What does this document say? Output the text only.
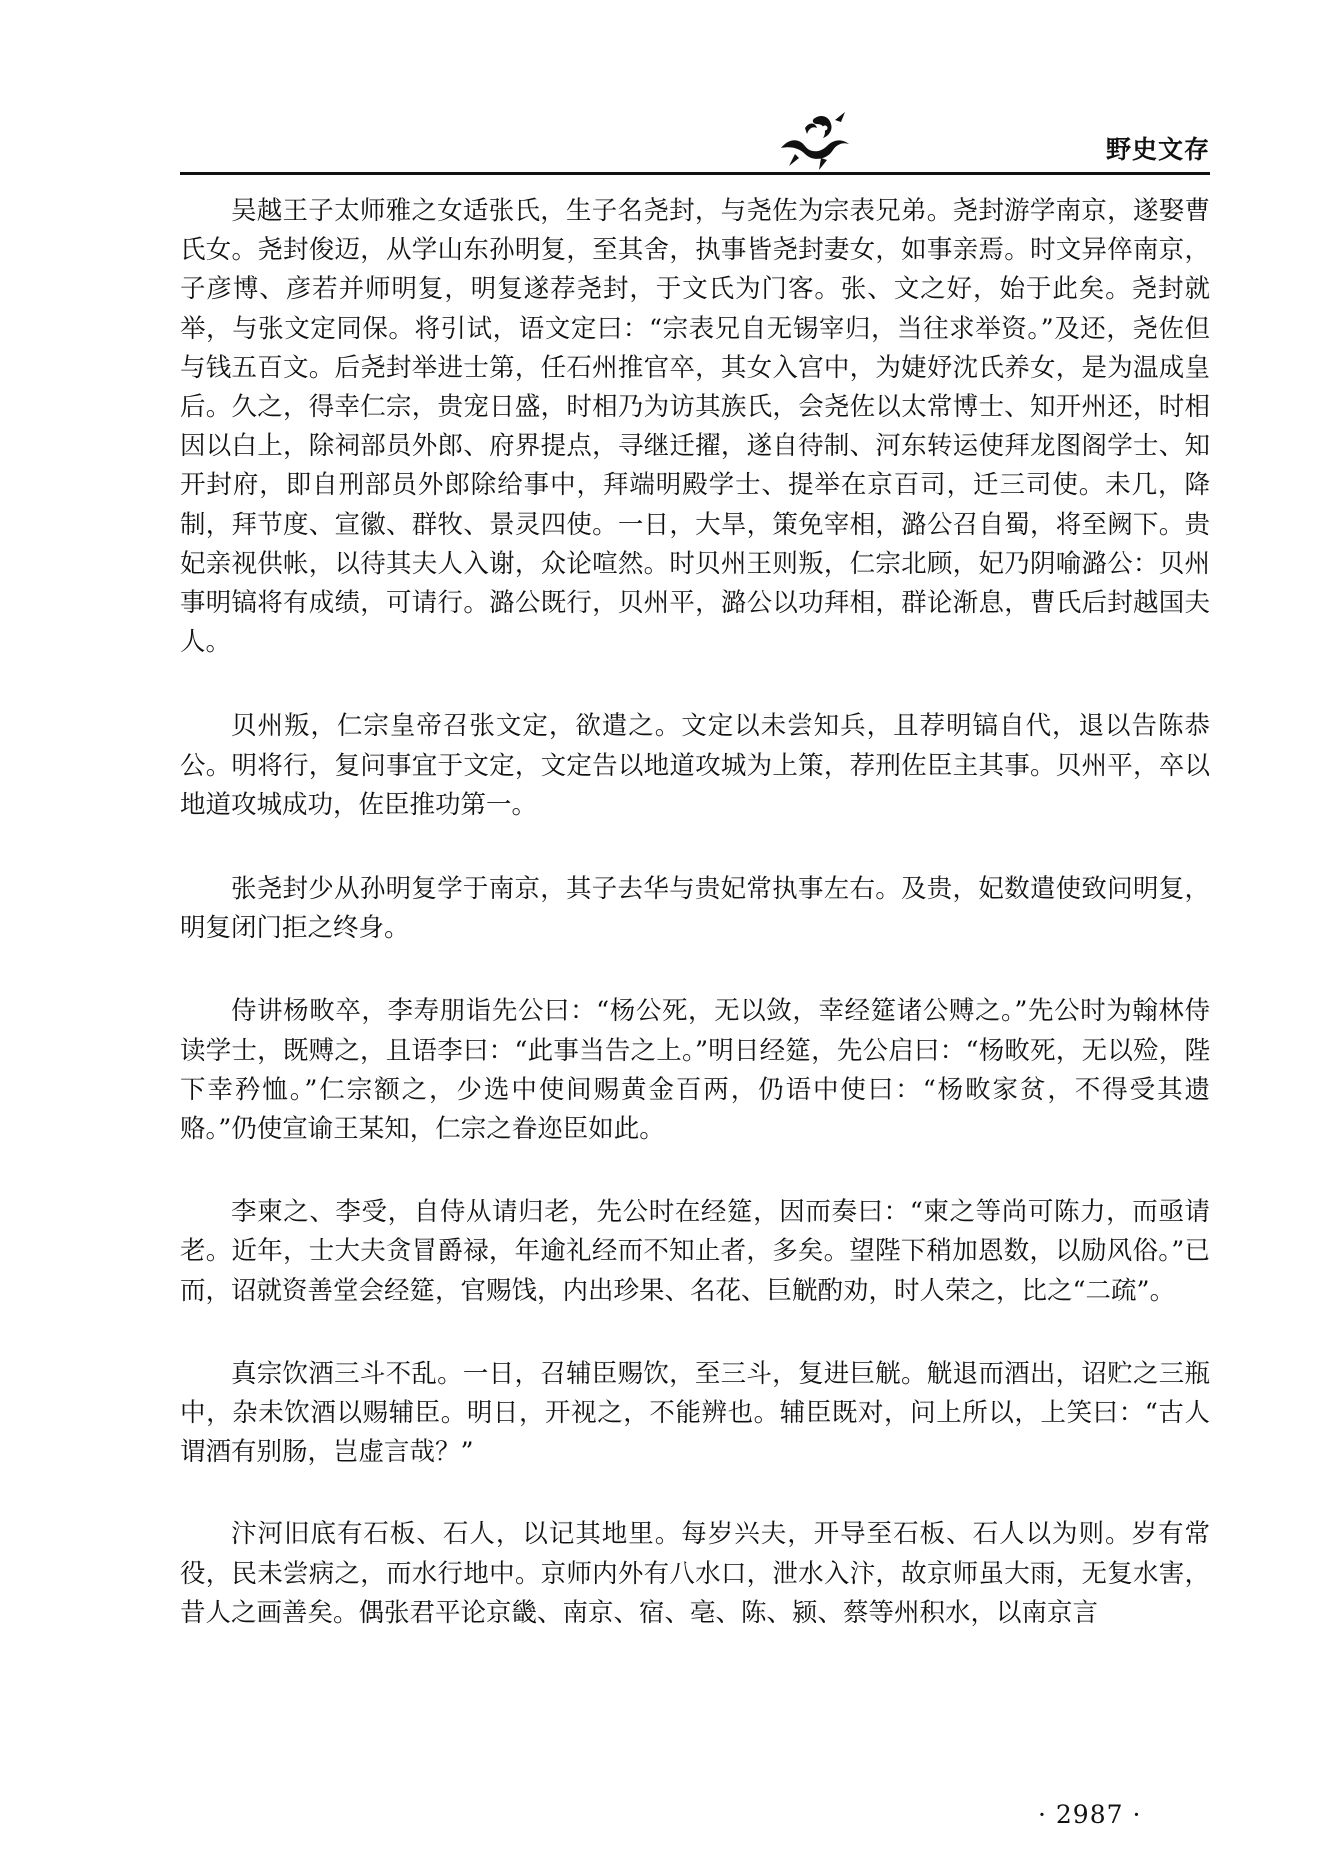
野史文存

吴越王子太师雅之女适张氏，生子名尧封，与尧佐为宗表兄弟。尧封游学南京，遂娶曹氏女。尧封俊迈，从学山东孙明复，至其舍，执事皆尧封妻女，如事亲焉。时文异倅南京，子彦博、彦若并师明复，明复遂荐尧封，于文氏为门客。张、文之好，始于此矣。尧封就举，与张文定同保。将引试，语文定曰：“宗表兄自无锡宰归，当往求举资。”及还，尧佐但与钱五百文。后尧封举进士第，任石州推官卒，其女入宫中，为婕妤沈氏养女，是为温成皇后。久之，得幸仁宗，贵宠日盛，时相乃为访其族氏，会尧佐以太常博士、知开州还，时相因以白上，除祠部员外郎、府界提点，寻继迁擢，遂自待制、河东转运使拜龙图阁学士、知开封府，即自刑部员外郎除给事中，拜端明殿学士、提举在京百司，迁三司使。未几，降制，拜节度、宣徽、群牧、景灵四使。一日，大旱，策免宰相，潞公召自蜀，将至阙下。贵妃亲视供帐，以待其夫人入谢，众论喧然。时贝州王则叛，仁宗北顾，妃乃阴喻潞公：贝州事明镐将有成绩，可请行。潞公既行，贝州平，潞公以功拜相，群论渐息，曹氏后封越国夫人。

贝州叛，仁宗皇帝召张文定，欲遣之。文定以未尝知兵，且荐明镐自代，退以告陈恭公。明将行，复问事宜于文定，文定告以地道攻城为上策，荐刑佐臣主其事。贝州平，卒以地道攻城成功，佐臣推功第一。

张尧封少从孙明复学于南京，其子去华与贵妃常执事左右。及贵，妃数遣使致问明复，明复闭门拒之终身。

侍讲杨畋卒，李寿朋诣先公曰：“杨公死，无以敛，幸经筵诸公赙之。”先公时为翰林侍读学士，既赙之，且语李曰：“此事当告之上。”明日经筵，先公启曰：“杨畋死，无以殓，陛下幸矜恤。”仁宗额之，少选中使间赐黄金百两，仍语中使曰：“杨畋家贫，不得受其遗赂。”仍使宣谕王某知，仁宗之眷迩臣如此。

李柬之、李受，自侍从请归老，先公时在经筵，因而奏曰：“柬之等尚可陈力，而亟请老。近年，士大夫贪冒爵禄，年逾礼经而不知止者，多矣。望陛下稍加恩数，以励风俗。”已而，诏就资善堂会经筵，官赐饯，内出珍果、名花、巨觥酌劝，时人荣之，比之“二疏”。

真宗饮酒三斗不乱。一日，召辅臣赐饮，至三斗，复进巨觥。觥退而酒出，诏贮之三瓶中，杂未饮酒以赐辅臣。明日，开视之，不能辨也。辅臣既对，问上所以，上笑曰：“古人谓酒有别肠，岂虚言哉？”

汴河旧底有石板、石人，以记其地里。每岁兴夫，开导至石板、石人以为则。岁有常役，民未尝病之，而水行地中。京师内外有八水口，泄水入汴，故京师虽大雨，无复水害，昔人之画善矣。偶张君平论京畿、南京、宿、亳、陈、颍、蔡等州积水，以南京言

· 2987 ·
